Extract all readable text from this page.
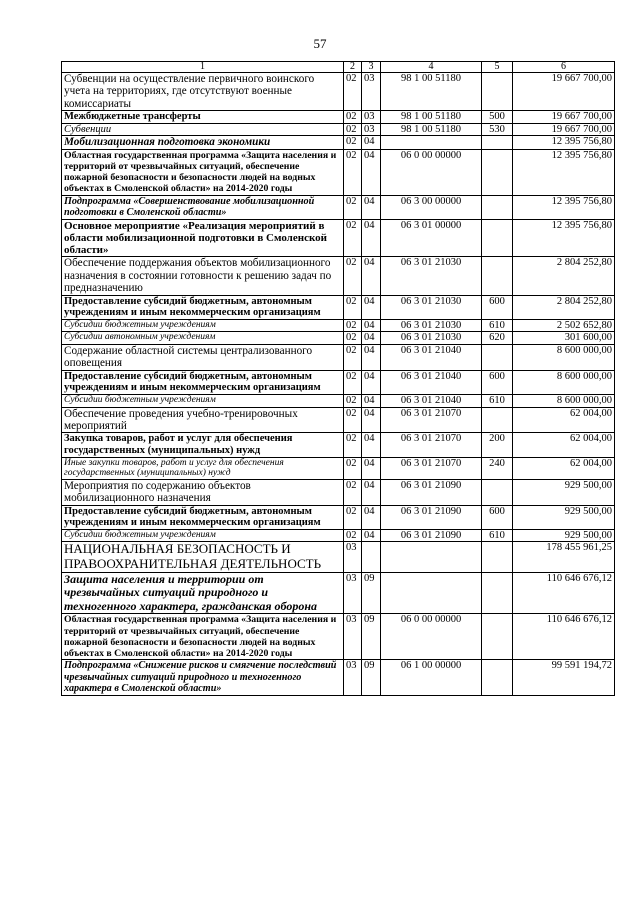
57
1	2	3	4	5	6
Субвенции на осуществление первичного воинского учета на территориях, где отсутствуют военные комиссариаты	02	03	98 1 00 51180		19 667 700,00
Межбюджетные трансферты	02	03	98 1 00 51180	500	19 667 700,00
Субвенции	02	03	98 1 00 51180	530	19 667 700,00
Мобилизационная подготовка экономики	02	04			12 395 756,80
Областная государственная программа «Защита населения и территорий от чрезвычайных ситуаций, обеспечение пожарной безопасности и безопасности людей на водных объектах в Смоленской области» на 2014-2020 годы	02	04	06 0 00 00000		12 395 756,80
Подпрограмма «Совершенствование мобилизационной подготовки в Смоленской области»	02	04	06 3 00 00000		12 395 756,80
Основное мероприятие «Реализация мероприятий в области мобилизационной подготовки в Смоленской области»	02	04	06 3 01 00000		12 395 756,80
Обеспечение поддержания объектов мобилизационного назначения в состоянии готовности к решению задач по предназначению	02	04	06 3 01 21030		2 804 252,80
Предоставление субсидий бюджетным, автономным учреждениям и иным некоммерческим организациям	02	04	06 3 01 21030	600	2 804 252,80
Субсидии бюджетным учреждениям	02	04	06 3 01 21030	610	2 502 652,80
Субсидии автономным учреждениям	02	04	06 3 01 21030	620	301 600,00
Содержание областной системы централизованного оповещения	02	04	06 3 01 21040		8 600 000,00
Предоставление субсидий бюджетным, автономным учреждениям и иным некоммерческим организациям	02	04	06 3 01 21040	600	8 600 000,00
Субсидии бюджетным учреждениям	02	04	06 3 01 21040	610	8 600 000,00
Обеспечение проведения учебно-тренировочных мероприятий	02	04	06 3 01 21070		62 004,00
Закупка товаров, работ и услуг для обеспечения государственных (муниципальных) нужд	02	04	06 3 01 21070	200	62 004,00
Иные закупки товаров, работ и услуг для обеспечения государственных (муниципальных) нужд	02	04	06 3 01 21070	240	62 004,00
Мероприятия по содержанию объектов мобилизационного назначения	02	04	06 3 01 21090		929 500,00
Предоставление субсидий бюджетным, автономным учреждениям и иным некоммерческим организациям	02	04	06 3 01 21090	600	929 500,00
Субсидии бюджетным учреждениям	02	04	06 3 01 21090	610	929 500,00
НАЦИОНАЛЬНАЯ БЕЗОПАСНОСТЬ И ПРАВООХРАНИТЕЛЬНАЯ ДЕЯТЕЛЬНОСТЬ	03				178 455 961,25
Защита населения и территории от чрезвычайных ситуаций природного и техногенного характера, гражданская оборона	03	09			110 646 676,12
Областная государственная программа «Защита населения и территорий от чрезвычайных ситуаций, обеспечение пожарной безопасности и безопасности людей на водных объектах в Смоленской области» на 2014-2020 годы	03	09	06 0 00 00000		110 646 676,12
Подпрограмма «Снижение рисков и смягчение последствий чрезвычайных ситуаций природного и техногенного характера в Смоленской области»	03	09	06 1 00 00000		99 591 194,72
